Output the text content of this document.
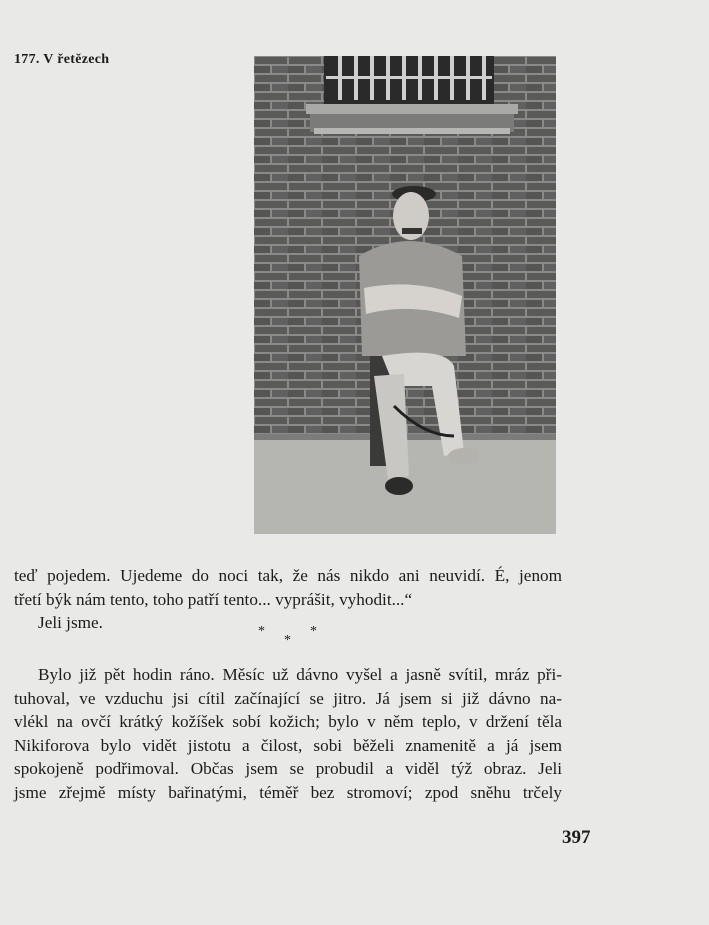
177. V řetězech
teď pojedem. Ujedeme do noci tak, že nás nikdo ani neuvidí. É, jenom
třetí býk nám tento, toho patří tento... vyprášit, vyhodit...“
Jeli jsme.	*
*
*
Bylo již pět hodin ráno. Měsíc už dávno vyšel a jasně svítil, mráz při-
tuhoval, ve vzduchu jsi cítil začínající se jitro. Já jsem si již dávno na-
vlékl na ovčí krátký kožíšek sobí kožich; bylo v něm teplo, v držení těla
Nikiforova bylo vidět jistotu a čilost, sobi běželi znamenitě a já jsem
spokojeně podřimoval. Občas jsem se probudil a viděl týž obraz. Jeli
jsme zřejmě místy bařinatými, téměř bez stromoví; zpod sněhu trčely
397
